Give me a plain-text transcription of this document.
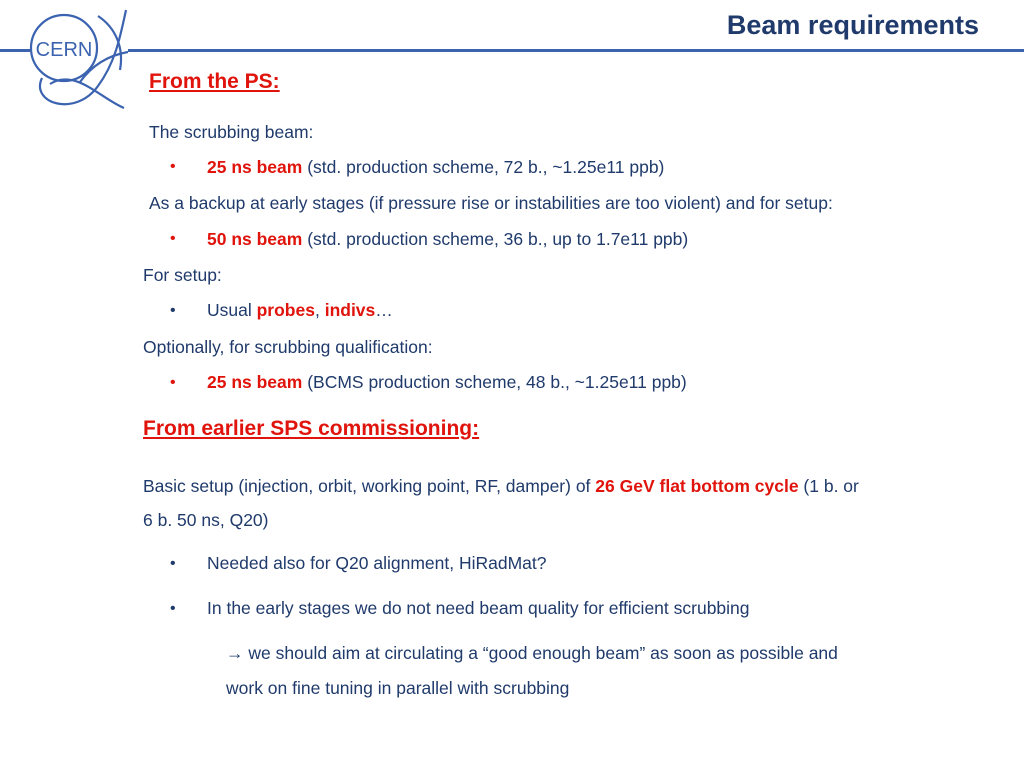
CERN
Beam requirements
From the PS:
The scrubbing beam:
• 25 ns beam (std. production scheme, 72 b., ~1.25e11 ppb)
As a backup at early stages (if pressure rise or instabilities are too violent) and for setup:
• 50 ns beam (std. production scheme, 36 b., up to 1.7e11 ppb)
For setup:
• Usual probes, indivs…
Optionally, for scrubbing qualification:
• 25 ns beam (BCMS production scheme, 48 b., ~1.25e11 ppb)
From earlier SPS commissioning:
Basic setup (injection, orbit, working point, RF, damper) of 26 GeV flat bottom cycle (1 b. or
6 b. 50 ns, Q20)
• Needed also for Q20 alignment, HiRadMat?
• In the early stages we do not need beam quality for efficient scrubbing
→ we should aim at circulating a “good enough beam” as soon as possible and
work on fine tuning in parallel with scrubbing
